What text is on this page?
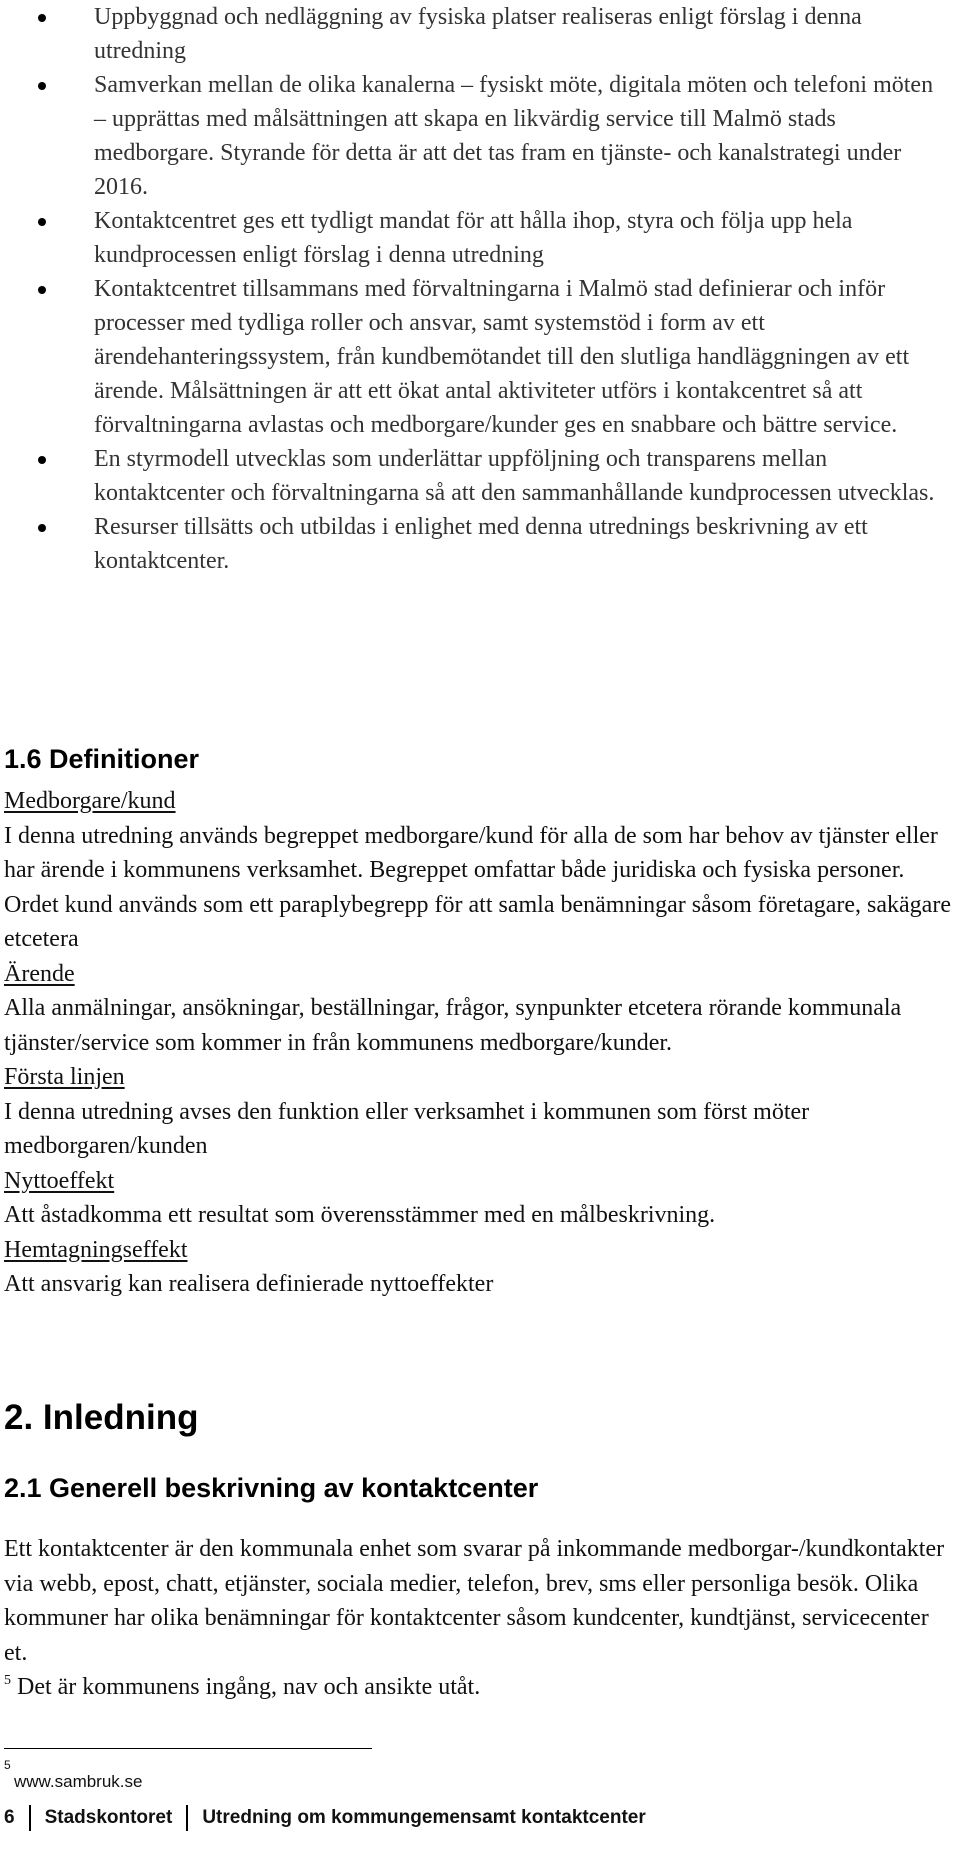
Uppbyggnad och nedläggning av fysiska platser realiseras enligt förslag i denna utredning
Samverkan mellan de olika kanalerna – fysiskt möte, digitala möten och telefoni möten – upprättas med målsättningen att skapa en likvärdig service till Malmö stads medborgare. Styrande för detta är att det tas fram en tjänste- och kanalstrategi under 2016.
Kontaktcentret ges ett tydligt mandat för att hålla ihop, styra och följa upp hela kundprocessen enligt förslag i denna utredning
Kontaktcentret tillsammans med förvaltningarna i Malmö stad definierar och inför processer med tydliga roller och ansvar, samt systemstöd i form av ett ärendehanteringssystem, från kundbemötandet till den slutliga handläggningen av ett ärende. Målsättningen är att ett ökat antal aktiviteter utförs i kontakcentret så att förvaltningarna avlastas och medborgare/kunder ges en snabbare och bättre service.
En styrmodell utvecklas som underlättar uppföljning och transparens mellan kontaktcenter och förvaltningarna så att den sammanhållande kundprocessen utvecklas.
Resurser tillsätts och utbildas i enlighet med denna utrednings beskrivning av ett kontaktcenter.
1.6 Definitioner
Medborgare/kund
I denna utredning används begreppet medborgare/kund för alla de som har behov av tjänster eller har ärende i kommunens verksamhet. Begreppet omfattar både juridiska och fysiska personer. Ordet kund används som ett paraplybegrepp för att samla benämningar såsom företagare, sakägare etcetera
Ärende
Alla anmälningar, ansökningar, beställningar, frågor, synpunkter etcetera rörande kommunala tjänster/service som kommer in från kommunens medborgare/kunder.
Första linjen
I denna utredning avses den funktion eller verksamhet i kommunen som först möter medborgaren/kunden
Nyttoeffekt
Att åstadkomma ett resultat som överensstämmer med en målbeskrivning.
Hemtagningseffekt
Att ansvarig kan realisera definierade nyttoeffekter
2. Inledning
2.1 Generell beskrivning av kontaktcenter

Ett kontaktcenter är den kommunala enhet som svarar på inkommande medborgar-/kundkontakter via webb, epost, chatt, etjänster, sociala medier, telefon, brev, sms eller personliga besök. Olika kommuner har olika benämningar för kontaktcenter såsom kundcenter, kundtjänst, servicecenter et.
$^5$ Det är kommunens ingång, nav och ansikte utåt.

5
www.sambruk.se
6 Stadskontoret Utredning om kommungemensamt kontaktcenter
